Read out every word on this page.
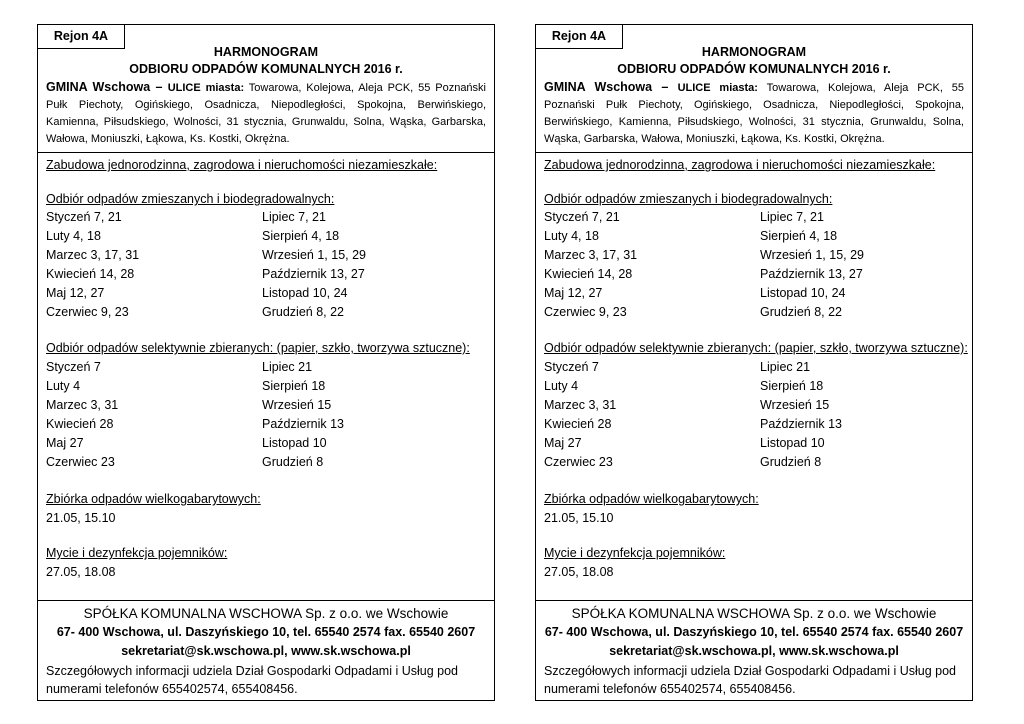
Rejon 4A
HARMONOGRAM
ODBIORU ODPADÓW KOMUNALNYCH 2016 r.
GMINA Wschowa – ULICE miasta: Towarowa, Kolejowa, Aleja PCK, 55 Poznański Pułk Piechoty, Ogińskiego, Osadnicza, Niepodległości, Spokojna, Berwińskiego, Kamienna, Piłsudskiego, Wolności, 31 stycznia, Grunwaldu, Solna, Wąska, Garbarska, Wałowa, Moniuszki, Łąkowa, Ks. Kostki, Okrężna.
Zabudowa jednorodzinna, zagrodowa i nieruchomości niezamieszkałe:
Odbiór odpadów zmieszanych i biodegradowalnych:
Styczeń 7, 21
Luty 4, 18
Marzec 3, 17, 31
Kwiecień 14, 28
Maj 12, 27
Czerwiec 9, 23
Lipiec 7, 21
Sierpień 4, 18
Wrzesień 1, 15, 29
Październik 13, 27
Listopad 10, 24
Grudzień 8, 22
Odbiór odpadów selektywnie zbieranych: (papier, szkło, tworzywa sztuczne):
Styczeń 7
Luty 4
Marzec 3, 31
Kwiecień 28
Maj 27
Czerwiec 23
Lipiec 21
Sierpień 18
Wrzesień 15
Październik 13
Listopad 10
Grudzień 8
Zbiórka odpadów wielkogabarytowych:
21.05, 15.10
Mycie i dezynfekcja pojemników:
27.05, 18.08
SPÓŁKA KOMUNALNA WSCHOWA Sp. z o.o. we Wschowie
67- 400 Wschowa, ul. Daszyńskiego 10, tel. 65540 2574 fax. 65540 2607
sekretariat@sk.wschowa.pl, www.sk.wschowa.pl
Szczegółowych informacji udziela Dział Gospodarki Odpadami i Usług pod numerami telefonów 655402574, 655408456.
Rejon 4A
HARMONOGRAM
ODBIORU ODPADÓW KOMUNALNYCH 2016 r.
GMINA Wschowa – ULICE miasta: Towarowa, Kolejowa, Aleja PCK, 55 Poznański Pułk Piechoty, Ogińskiego, Osadnicza, Niepodległości, Spokojna, Berwińskiego, Kamienna, Piłsudskiego, Wolności, 31 stycznia, Grunwaldu, Solna, Wąska, Garbarska, Wałowa, Moniuszki, Łąkowa, Ks. Kostki, Okrężna.
Zabudowa jednorodzinna, zagrodowa i nieruchomości niezamieszkałe:
Odbiór odpadów zmieszanych i biodegradowalnych:
Styczeń 7, 21
Luty 4, 18
Marzec 3, 17, 31
Kwiecień 14, 28
Maj 12, 27
Czerwiec 9, 23
Lipiec 7, 21
Sierpień 4, 18
Wrzesień 1, 15, 29
Październik 13, 27
Listopad 10, 24
Grudzień 8, 22
Odbiór odpadów selektywnie zbieranych: (papier, szkło, tworzywa sztuczne):
Styczeń 7
Luty 4
Marzec 3, 31
Kwiecień 28
Maj 27
Czerwiec 23
Lipiec 21
Sierpień 18
Wrzesień 15
Październik 13
Listopad 10
Grudzień 8
Zbiórka odpadów wielkogabarytowych:
21.05, 15.10
Mycie i dezynfekcja pojemników:
27.05, 18.08
SPÓŁKA KOMUNALNA WSCHOWA Sp. z o.o. we Wschowie
67- 400 Wschowa, ul. Daszyńskiego 10, tel. 65540 2574 fax. 65540 2607
sekretariat@sk.wschowa.pl, www.sk.wschowa.pl
Szczegółowych informacji udziela Dział Gospodarki Odpadami i Usług pod numerami telefonów 655402574, 655408456.
